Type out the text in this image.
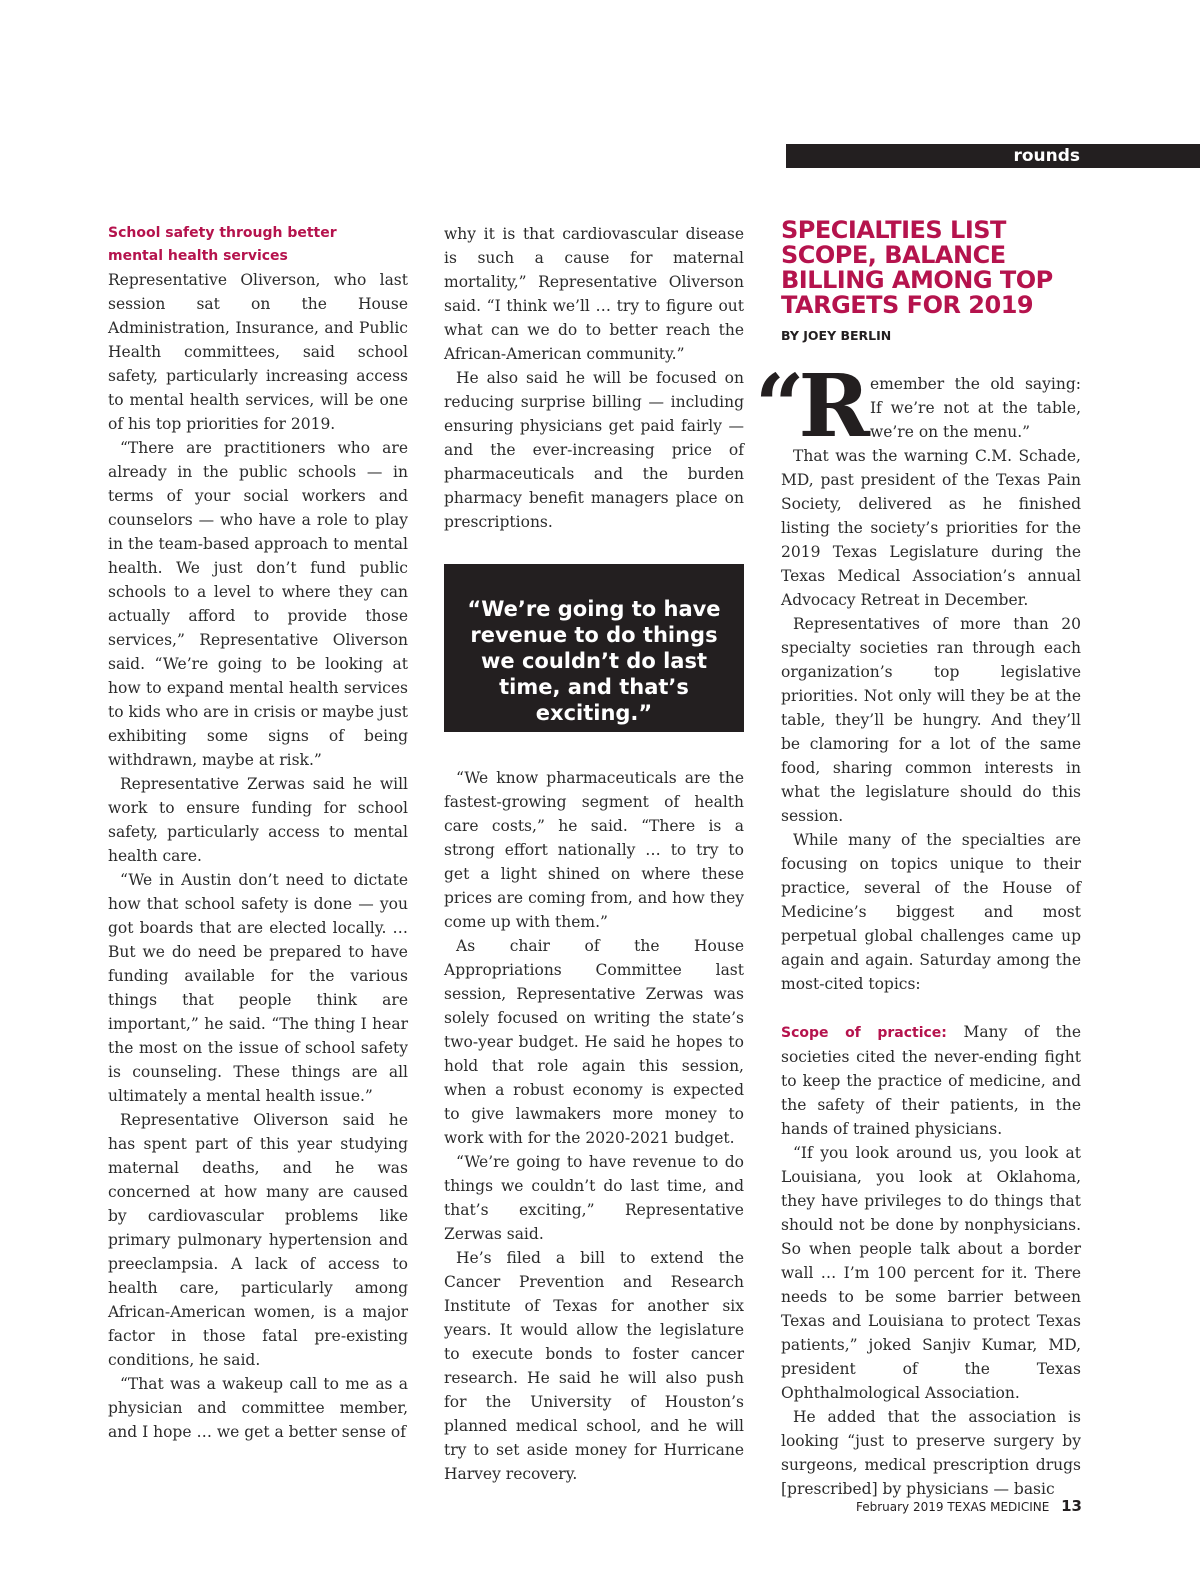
rounds
School safety through better
mental health services

Representative Oliverson, who last session sat on the House Administration, Insurance, and Public Health committees, said school safety, particularly increasing access to mental health services, will be one of his top priorities for 2019.

“There are practitioners who are already in the public schools — in terms of your social workers and counselors — who have a role to play in the team-based approach to mental health. We just don’t fund public schools to a level to where they can actually afford to provide those services,” Representative Oliverson said. “We’re going to be looking at how to expand mental health services to kids who are in crisis or maybe just exhibiting some signs of being withdrawn, maybe at risk.”

Representative Zerwas said he will work to ensure funding for school safety, particularly access to mental health care.

“We in Austin don’t need to dictate how that school safety is done — you got boards that are elected locally. … But we do need be prepared to have funding available for the various things that people think are important,” he said. “The thing I hear the most on the issue of school safety is counseling. These things are all ultimately a mental health issue.”

Representative Oliverson said he has spent part of this year studying maternal deaths, and he was concerned at how many are caused by cardiovascular problems like primary pulmonary hypertension and preeclampsia. A lack of access to health care, particularly among African-American women, is a major factor in those fatal pre-existing conditions, he said.

“That was a wakeup call to me as a physician and committee member, and I hope … we get a better sense of

why it is that cardiovascular disease is such a cause for maternal mortality,” Representative Oliverson said. “I think we’ll … try to figure out what can we do to better reach the African-American community.”

He also said he will be focused on reducing surprise billing — including ensuring physicians get paid fairly — and the ever-increasing price of pharmaceuticals and the burden pharmacy benefit managers place on prescriptions.

“We’re going to have revenue to do things we couldn’t do last time, and that’s exciting.”

“We know pharmaceuticals are the fastest-growing segment of health care costs,” he said. “There is a strong effort nationally … to try to get a light shined on where these prices are coming from, and how they come up with them.”

As chair of the House Appropriations Committee last session, Representative Zerwas was solely focused on writing the state’s two-year budget. He said he hopes to hold that role again this session, when a robust economy is expected to give lawmakers more money to work with for the 2020-2021 budget.

“We’re going to have revenue to do things we couldn’t do last time, and that’s exciting,” Representative Zerwas said.

He’s filed a bill to extend the Cancer Prevention and Research Institute of Texas for another six years. It would allow the legislature to execute bonds to foster cancer research. He said he will also push for the University of Houston’s planned medical school, and he will try to set aside money for Hurricane Harvey recovery.

SPECIALTIES LIST SCOPE, BALANCE BILLING AMONG TOP TARGETS FOR 2019
BY JOEY BERLIN
“R emember the old saying: If we’re not at the table, we’re on the menu.”

That was the warning C.M. Schade, MD, past president of the Texas Pain Society, delivered as he finished listing the society’s priorities for the 2019 Texas Legislature during the Texas Medical Association’s annual Advocacy Retreat in December.

Representatives of more than 20 specialty societies ran through each organization’s top legislative priorities. Not only will they be at the table, they’ll be hungry. And they’ll be clamoring for a lot of the same food, sharing common interests in what the legislature should do this session.

While many of the specialties are focusing on topics unique to their practice, several of the House of Medicine’s biggest and most perpetual global challenges came up again and again. Saturday among the most-cited topics:

Scope of practice: Many of the societies cited the never-ending fight to keep the practice of medicine, and the safety of their patients, in the hands of trained physicians.

“If you look around us, you look at Louisiana, you look at Oklahoma, they have privileges to do things that should not be done by nonphysicians. So when people talk about a border wall … I’m 100 percent for it. There needs to be some barrier between Texas and Louisiana to protect Texas patients,” joked Sanjiv Kumar, MD, president of the Texas Ophthalmological Association.

He added that the association is looking “just to preserve surgery by surgeons, medical prescription drugs [prescribed] by physicians — basic

February 2019 TEXAS MEDICINE 13
